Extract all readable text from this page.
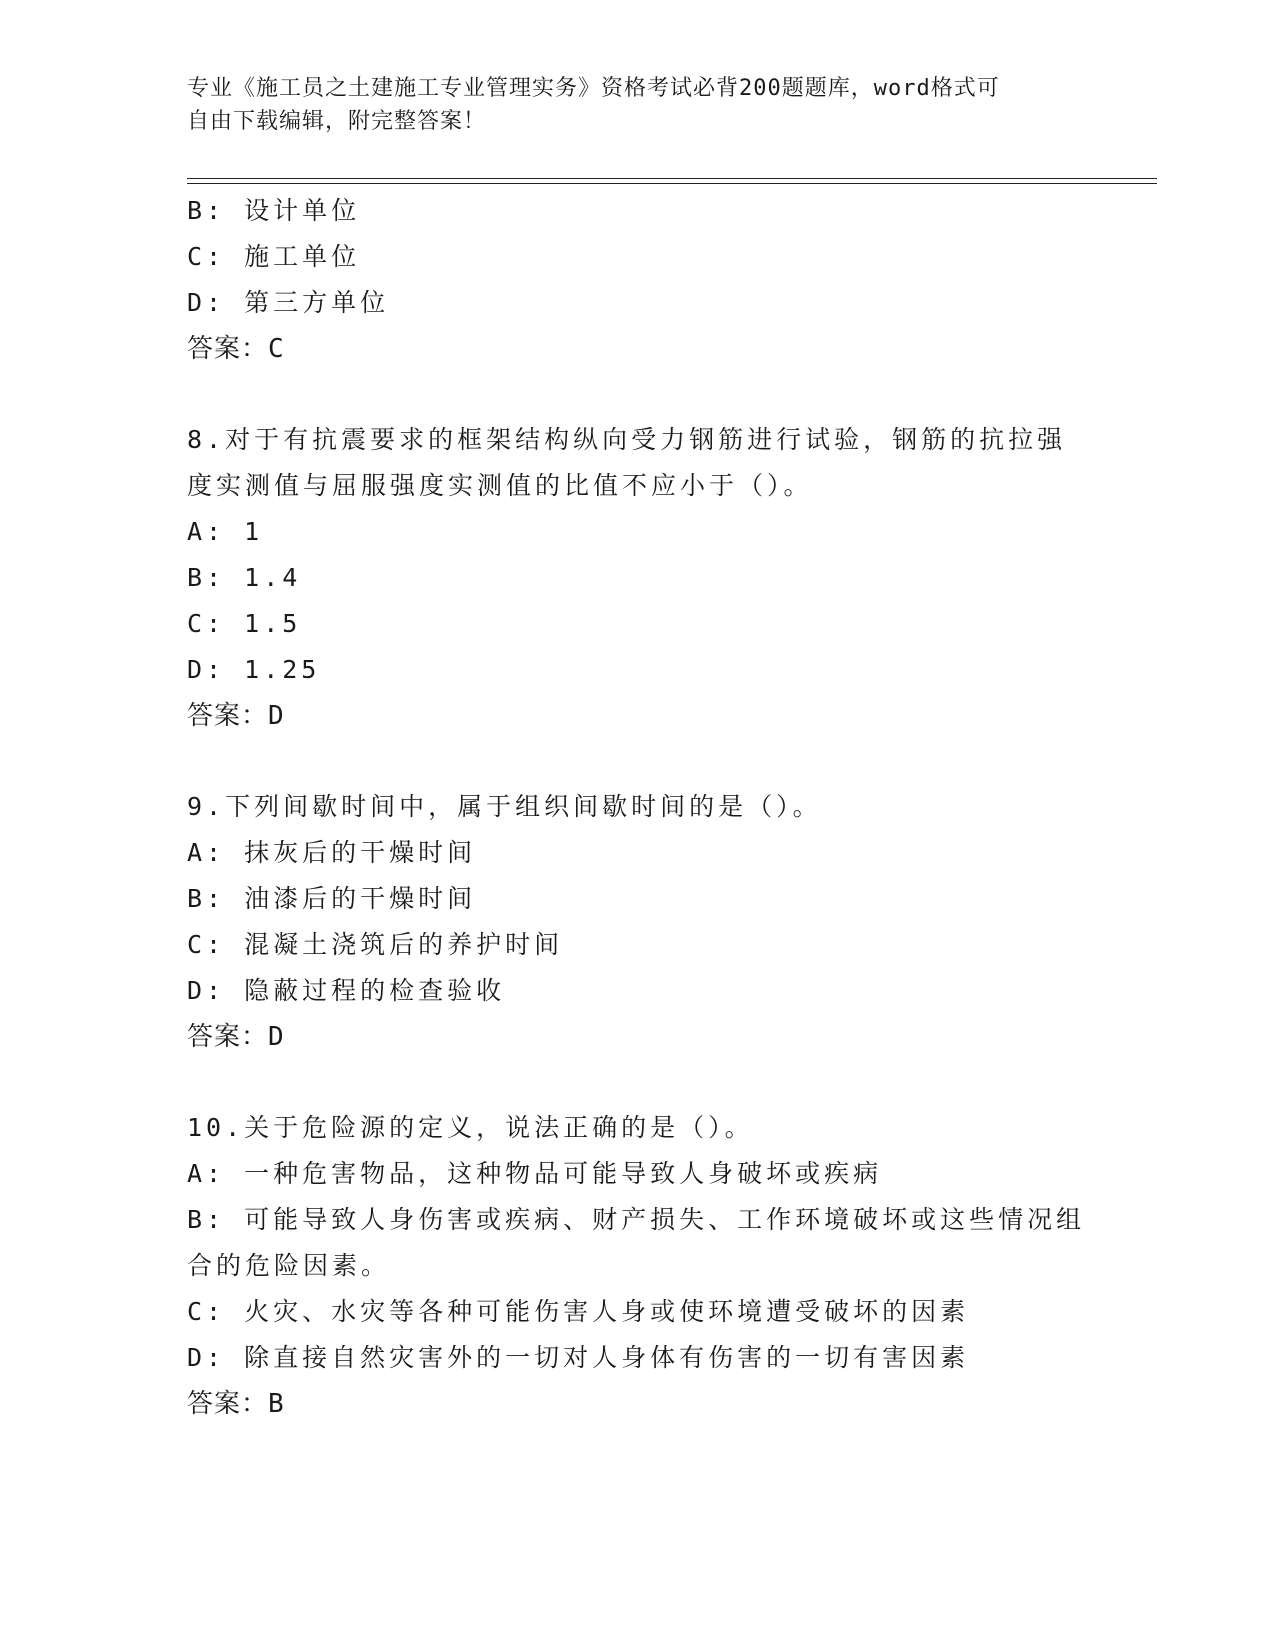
专业《施工员之土建施工专业管理实务》资格考试必背200题题库，word格式可
自由下载编辑，附完整答案！
B: 设计单位
C: 施工单位
D: 第三方单位
答案：C
8.对于有抗震要求的框架结构纵向受力钢筋进行试验，钢筋的抗拉强
度实测值与屈服强度实测值的比值不应小于（）。
A: 1
B: 1.4
C: 1.5
D: 1.25
答案：D
9.下列间歇时间中，属于组织间歇时间的是（）。
A: 抹灰后的干燥时间
B: 油漆后的干燥时间
C: 混凝土浇筑后的养护时间
D: 隐蔽过程的检查验收
答案：D
10.关于危险源的定义，说法正确的是（）。
A: 一种危害物品，这种物品可能导致人身破坏或疾病
B: 可能导致人身伤害或疾病、财产损失、工作环境破坏或这些情况组
合的危险因素。
C: 火灾、水灾等各种可能伤害人身或使环境遭受破坏的因素
D: 除直接自然灾害外的一切对人身体有伤害的一切有害因素
答案：B
